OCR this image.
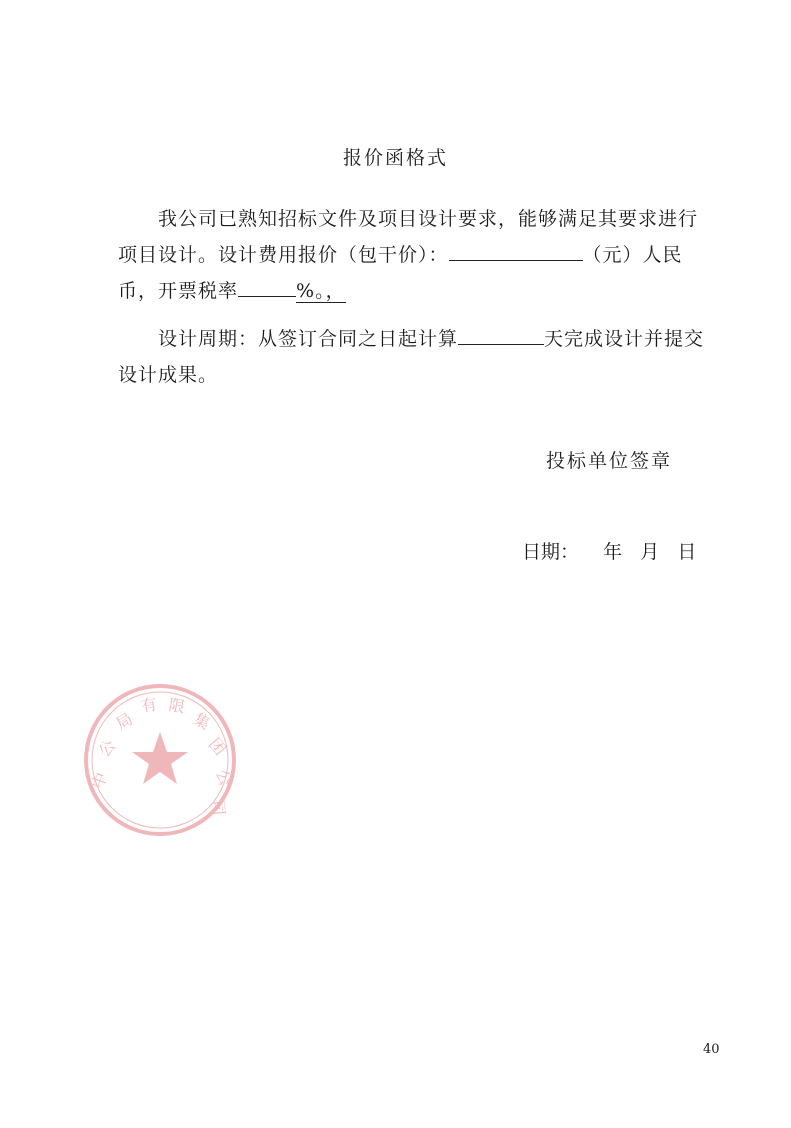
报价函格式

  我公司已熟知招标文件及项目设计要求，能够满足其要求进行项目设计。设计费用报价（包干价）：	（元）人民币，开票税率	%。，

  设计周期：从签订合同之日起计算	天完成设计并提交设计成果。

投标单位签章
日期：    年   月   日
中
公
局
有 限
集
团
公
司
40
